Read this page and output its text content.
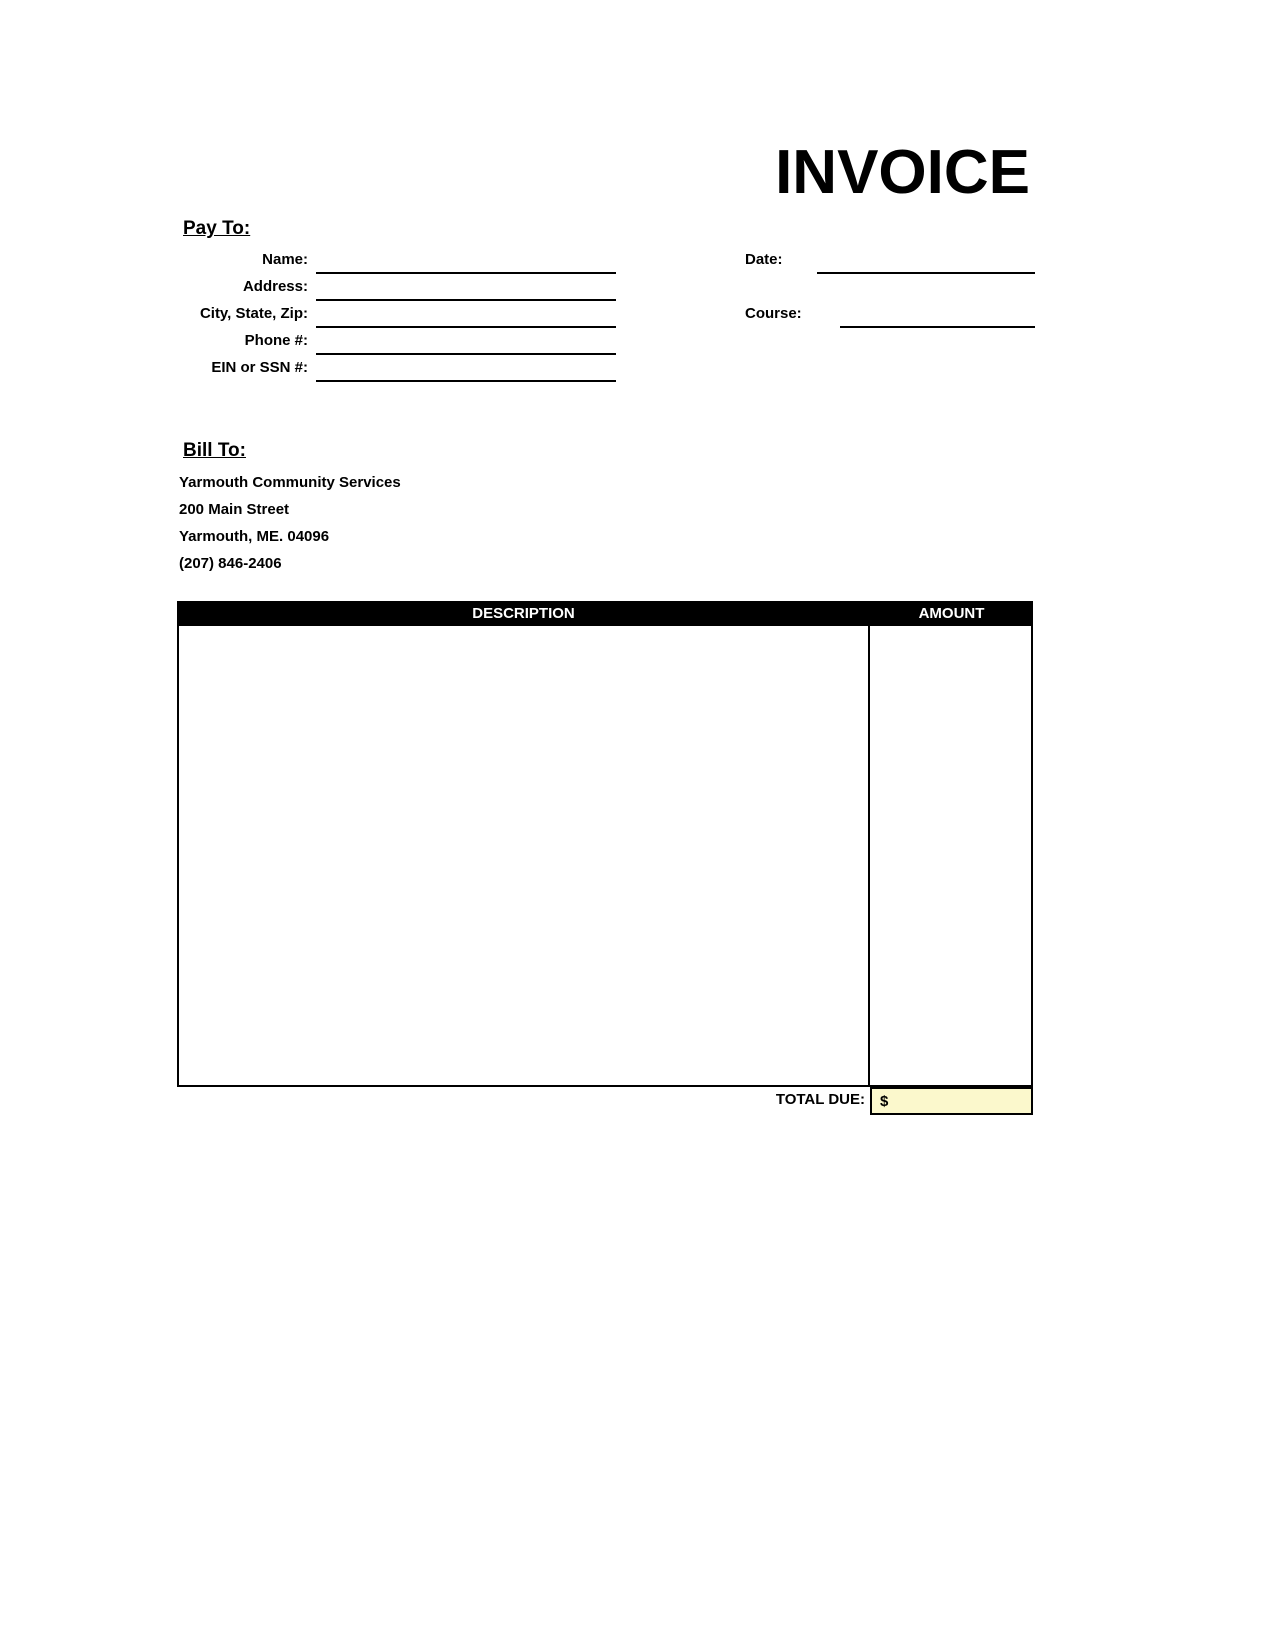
INVOICE
Pay To:
Name:
Address:
City, State, Zip:
Phone #:
EIN or SSN #:
Date:
Course:
Bill To:
Yarmouth Community Services
200 Main Street
Yarmouth, ME. 04096
(207) 846-2406
DESCRIPTION	AMOUNT
TOTAL DUE: $
